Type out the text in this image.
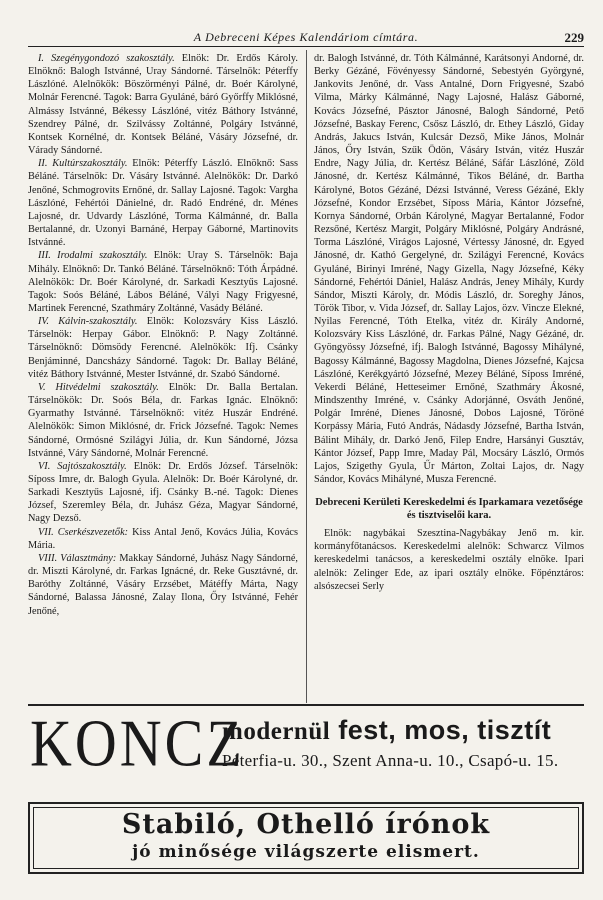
A Debreceni Képes Kalendáriom címtára.	229

I. Szegénygondozó szakosztály. Elnök: Dr. Erdős Károly. Elnöknő: Balogh Istvánné, Uray Sándorné. Társelnök: Péterffy Lászlóné. Alelnökök: Böszörményi Pálné, dr. Boér Károlyné, Molnár Ferencné. Tagok: Barra Gyuláné, báró Győrffy Miklósné, Almássy Istvánné, Békessy Lászlóné, vitéz Báthory Istvánné, Szendrey Pálné, dr. Szilvássy Zoltánné, Polgáry Istvánné, Kontsek Kornélné, dr. Kontsek Béláné, Vásáry Józsefné, dr. Várady Sándorné.

II. Kultúrszakosztály. Elnök: Péterffy László. Elnöknő: Sass Béláné. Társelnök: Dr. Vásáry Istvánné. Alelnökök: Dr. Darkó Jenőné, Schmogrovits Ernőné, dr. Sallay Lajosné. Tagok: Vargha Lászlóné, Fehértói Dánielné, dr. Radó Endréné, dr. Ménes Lajosné, dr. Udvardy Lászlóné, Torma Kálmánné, dr. Balla Bertalanné, dr. Uzonyi Barnáné, Herpay Gáborné, Martinovits Istvánné.

III. Irodalmi szakosztály. Elnök: Uray S. Társelnök: Baja Mihály. Elnöknő: Dr. Tankó Béláné. Társelnöknő: Tóth Árpádné. Alelnökök: Dr. Boér Károlyné, dr. Sarkadi Kesztyűs Lajosné. Tagok: Soós Béláné, Lábos Béláné, Vályi Nagy Frigyesné, Martinek Ferencné, Szathmáry Zoltánné, Vasády Béláné.

IV. Kálvin-szakosztály. Elnök: Kolozsváry Kiss László. Társelnök: Herpay Gábor. Elnöknő: P. Nagy Zoltánné. Társelnöknő: Dömsödy Ferencné. Alelnökök: Ifj. Csánky Benjáminné, Dancsházy Sándorné. Tagok: Dr. Ballay Béláné, vitéz Báthory Istvánné, Mester Istvánné, dr. Szabó Sándorné.

V. Hitvédelmi szakosztály. Elnök: Dr. Balla Bertalan. Társelnökök: Dr. Soós Béla, dr. Farkas Ignác. Elnöknő: Gyarmathy Istvánné. Társelnöknő: vitéz Huszár Endréné. Alelnökök: Simon Miklósné, dr. Frick Józsefné. Tagok: Nemes Sándorné, Ormósné Szilágyi Júlia, dr. Kun Sándorné, Józsa Istvánné, Váry Sándorné, Molnár Ferencné.

VI. Sajtószakosztály. Elnök: Dr. Erdős József. Társelnök: Síposs Imre, dr. Balogh Gyula. Alelnök: Dr. Boér Károlyné, dr. Sarkadi Kesztyűs Lajosné, ifj. Csánky B.-né. Tagok: Dienes József, Szeremley Béla, dr. Juhász Géza, Magyar Sándorné, Nagy Dezső.

VII. Cserkészvezetők: Kiss Antal Jenő, Kovács Júlia, Kovács Mária.

VIII. Választmány: Makkay Sándorné, Juhász Nagy Sándorné, dr. Miszti Károlyné, dr. Farkas Ignácné, dr. Reke Gusztávné, dr. Baróthy Zoltánné, Vásáry Erzsébet, Mátéffy Márta, Nagy Sándorné, Balassa Jánosné, Zalay Ilona, Őry Istvánné, Fehér Jenőné,

dr. Balogh Istvánné, dr. Tóth Kálmánné, Karátsonyi Andorné, dr. Berky Gézáné, Fövényessy Sándorné, Sebestyén Györgyné, Jankovits Jenőné, dr. Vass Antalné, Dorn Frigyesné, Szabó Vilma, Márky Kálmánné, Nagy Lajosné, Halász Gáborné, Kovács Józsefné, Pásztor Jánosné, Balogh Sándorné, Pető Józsefné, Baskay Ferenc, Csősz László, dr. Ethey László, Giday András, Jakucs István, Kulcsár Dezső, Mike János, Molnár János, Őry István, Szűk Ödön, Vásáry István, vitéz Huszár Endre, Nagy Júlia, dr. Kertész Béláné, Sáfár Lászlóné, Zöld Jánosné, dr. Kertész Kálmánné, Tikos Béláné, dr. Bartha Károlyné, Botos Gézáné, Dézsi Istvánné, Veress Gézáné, Ekly Józsefné, Kondor Erzsébet, Síposs Mária, Kántor Józsefné, Kornya Sándorné, Orbán Károlyné, Magyar Bertalanné, Fodor Rezsőné, Kertész Margit, Polgáry Miklósné, Polgáry Andrásné, Torma Lászlóné, Virágos Lajosné, Vértessy Jánosné, dr. Egyed Jánosné, dr. Kathó Gergelyné, dr. Szilágyi Ferencné, Kovács Gyuláné, Birinyi Imréné, Nagy Gizella, Nagy Józsefné, Kéky Sándorné, Fehértói Dániel, Halász András, Jeney Mihály, Kurdy Sándor, Miszti Károly, dr. Módis László, dr. Soreghy János, Török Tibor, v. Vida József, dr. Sallay Lajos, özv. Vincze Elekné, Nyilas Ferencné, Tóth Etelka, vitéz dr. Király Andorné, Kolozsváry Kiss Lászlóné, dr. Farkas Pálné, Nagy Gézáné, dr. Gyöngyössy Józsefné, ifj. Balogh Istvánné, Bagossy Mihályné, Bagossy Kálmánné, Bagossy Magdolna, Dienes Józsefné, Kajcsa Lászlóné, Kerékgyártó Józsefné, Mezey Béláné, Síposs Imréné, Vekerdi Béláné, Hetteseimer Ernőné, Szathmáry Ákosné, Mindszenthy Imréné, v. Csánky Adorjánné, Osváth Jenőné, Polgár Imréné, Dienes Jánosné, Dobos Lajosné, Tőröné Korpássy Mária, Futó András, Nádasdy Józsefné, Bartha István, Bálint Mihály, dr. Darkó Jenő, Filep Endre, Harsányi Gusztáv, Kántor József, Papp Imre, Maday Pál, Mocsáry László, Ormós Lajos, Szigethy Gyula, Űr Márton, Zoltai Lajos, dr. Nagy Sándor, Kovács Mihályné, Musza Ferencné.

Debreceni Kerületi Kereskedelmi és Iparkamara vezetősége és tisztviselői kara.

Elnök: nagybákai Szesztina-Nagybákay Jenő m. kir. kormányfőtanácsos. Kereskedelmi alelnök: Schwarcz Vilmos kereskedelmi tanácsos, a kereskedelmi osztály elnöke. Ipari alelnök: Zelinger Ede, az ipari osztály elnöke. Főpénztáros: alsószecsei Serly

KONCZ
modernül fest, mos, tisztít
Péterfia-u. 30., Szent Anna-u. 10., Csapó-u. 15.
Stabiló, Othelló írónok
jó minősége világszerte elismert.
